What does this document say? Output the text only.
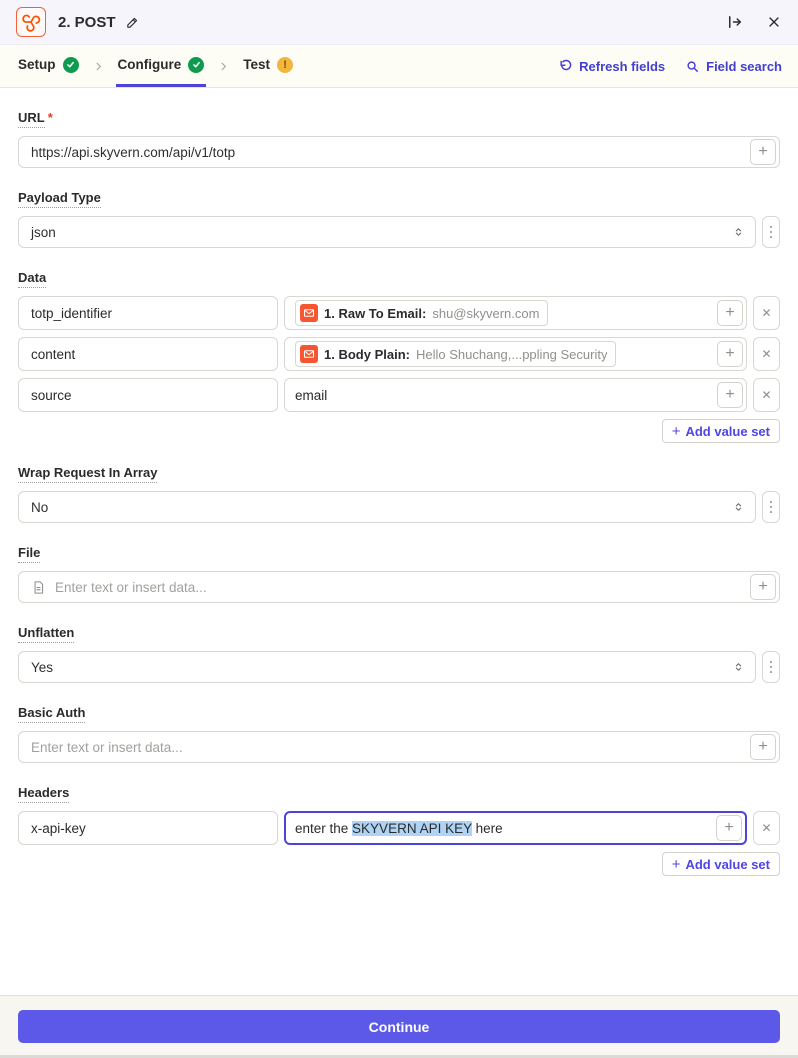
2. POST
Setup	Configure	Test	!	Refresh fields	Field search
URL *
https://api.skyvern.com/api/v1/totp	+
Payload Type
json
Data
totp_identifier	1. Raw To Email: shu@skyvern.com	+	✕
content	1. Body Plain: Hello Shuchang,...ppling Security	+	✕
source	email	+	✕
+ Add value set
Wrap Request In Array
No
File
Enter text or insert data...	+
Unflatten
Yes
Basic Auth
Enter text or insert data...	+
Headers
x-api-key	enter the SKYVERN API KEY here	+	✕
+ Add value set
Continue
